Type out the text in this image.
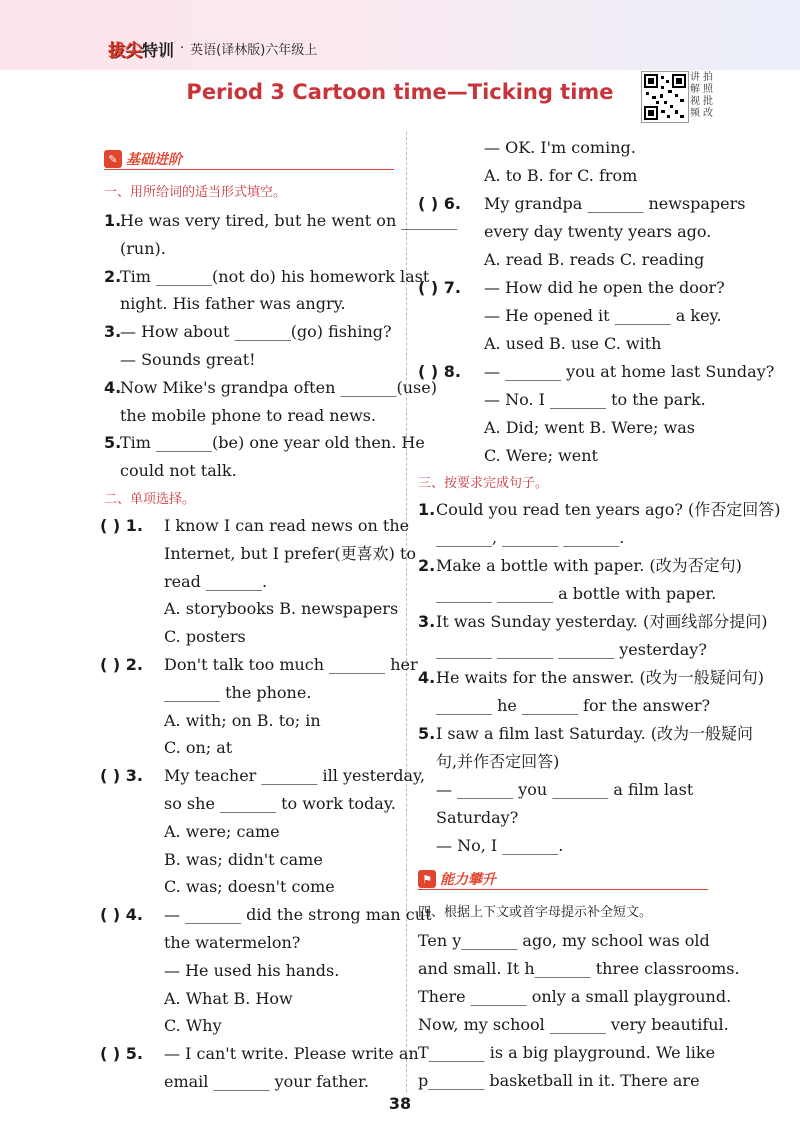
拔尖特训 · 英语(译林版)六年级上
Period 3 Cartoon time—Ticking time
讲 拍
解 照
视 批
频 改
✎ 基础进阶
一、用所给词的适当形式填空。
1.He was very tired, but he went on _______
(run).
2.Tim _______(not do) his homework last
night. His father was angry.
3.— How about _______(go) fishing?
— Sounds great!
4.Now Mike's grandpa often _______(use)
the mobile phone to read news.
5.Tim _______(be) one year old then. He
could not talk.
二、单项选择。
( ) 1.I know I can read news on the
Internet, but I prefer(更喜欢) to
read _______.
A. storybooks B. newspapers
C. posters
( ) 2.Don't talk too much _______ her
_______ the phone.
A. with; on B. to; in
C. on; at
( ) 3.My teacher _______ ill yesterday,
so she _______ to work today.
A. were; came
B. was; didn't came
C. was; doesn't come
( ) 4.— _______ did the strong man cut
the watermelon?
— He used his hands.
A. What B. How
C. Why
( ) 5.— I can't write. Please write an
email _______ your father.
— OK. I'm coming.
A. to B. for C. from
( ) 6.My grandpa _______ newspapers
every day twenty years ago.
A. read B. reads C. reading
( ) 7.— How did he open the door?
— He opened it _______ a key.
A. used B. use C. with
( ) 8.— _______ you at home last Sunday?
— No. I _______ to the park.
A. Did; went B. Were; was
C. Were; went
三、按要求完成句子。
1.Could you read ten years ago? (作否定回答)
_______, _______ _______.
2.Make a bottle with paper. (改为否定句)
_______ _______ a bottle with paper.
3.It was Sunday yesterday. (对画线部分提问)
_______ _______ _______ yesterday?
4.He waits for the answer. (改为一般疑问句)
_______ he _______ for the answer?
5.I saw a film last Saturday. (改为一般疑问
句,并作否定回答)
— _______ you _______ a film last
Saturday?
— No, I _______.
⚑ 能力攀升
四、根据上下文或首字母提示补全短文。
Ten y_______ ago, my school was old
and small. It h_______ three classrooms.
There _______ only a small playground.
Now, my school _______ very beautiful.
T_______ is a big playground. We like
p_______ basketball in it. There are
38
